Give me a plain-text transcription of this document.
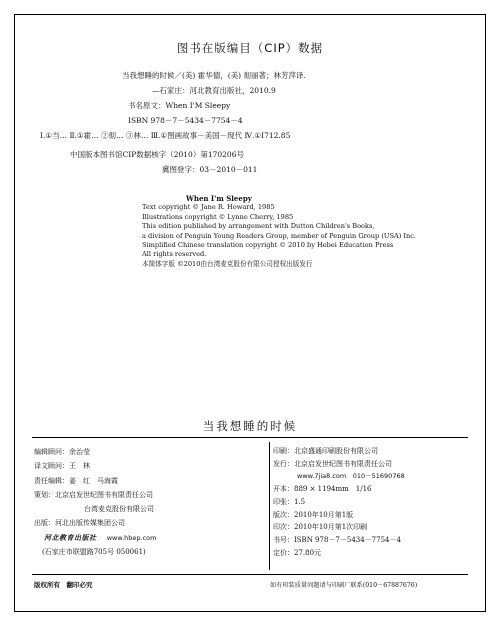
图书在版编目（CIP）数据
当我想睡的时候／(美) 霍华德，(美) 彻丽著；林芳萍译.
—石家庄：河北教育出版社，2010.9
书名原文：When I'M Sleepy
ISBN 978－7－5434－7754－4
Ⅰ.①当… Ⅱ.①霍… ②彻… ③林… Ⅲ.①图画故事－美国－现代 Ⅳ.①I712.85
中国版本图书馆CIP数据核字（2010）第170206号
冀图登字：03－2010－011
When I'm Sleepy
Text copyright © Jane R. Howard, 1985
Illustrations copyright © Lynne Cherry, 1985
This edition published by arrangement with Dutton Children's Books,
a division of Penguin Young Readers Group, member of Penguin Group (USA) Inc.
Simplified Chinese translation copyright © 2010 by Hebei Education Press
All rights reserved.
本简体字版 ©2010由台湾麦克股份有限公司授权出版发行
当我想睡的时候
编辑顾问：余治莹
译文顾问：王　林
责任编辑：姜　红　马海霞
策划：北京启发世纪图书有限责任公司
台湾麦克股份有限公司
出版：河北出版传媒集团公司
河北教育出版社 www.hbep.com
(石家庄市联盟路705号 050061)
印刷：北京盛通印刷股份有限公司
发行：北京启发世纪图书有限责任公司
www.7jia8.com　010－51690768
开本：889 × 1194mm　1/16
印张：1.5
版次：2010年10月第1版
印次：2010年10月第1次印刷
书号：ISBN 978－7－5434－7754－4
定价：27.80元
版权所有　翻印必究	如有印装质量问题请与印刷厂联系(010－67887676)
